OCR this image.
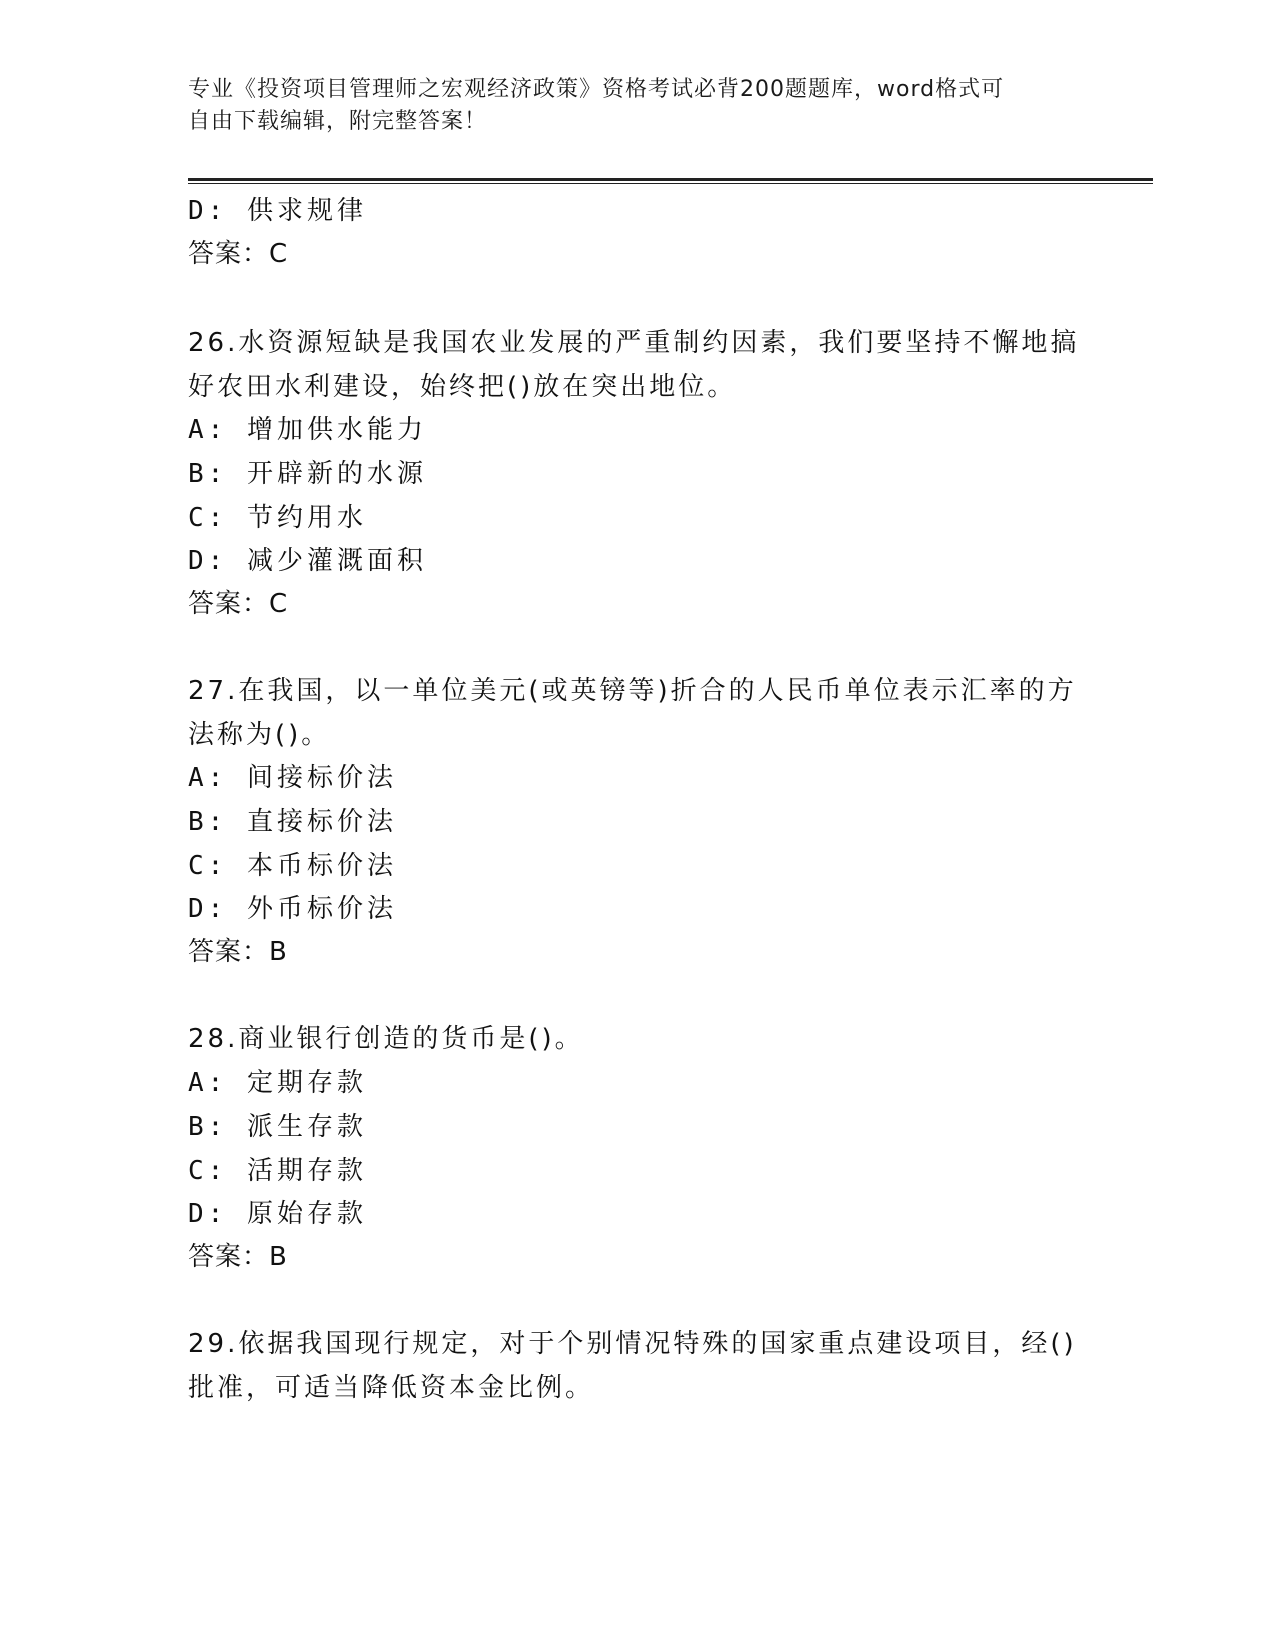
专业《投资项目管理师之宏观经济政策》资格考试必背200题题库，word格式可
自由下载编辑，附完整答案！
D: 供求规律
答案：C
26.水资源短缺是我国农业发展的严重制约因素，我们要坚持不懈地搞
好农田水利建设，始终把()放在突出地位。
A: 增加供水能力
B: 开辟新的水源
C: 节约用水
D: 减少灌溉面积
答案：C
27.在我国，以一单位美元(或英镑等)折合的人民币单位表示汇率的方
法称为()。
A: 间接标价法
B: 直接标价法
C: 本币标价法
D: 外币标价法
答案：B
28.商业银行创造的货币是()。
A: 定期存款
B: 派生存款
C: 活期存款
D: 原始存款
答案：B
29.依据我国现行规定，对于个别情况特殊的国家重点建设项目，经()
批准，可适当降低资本金比例。
